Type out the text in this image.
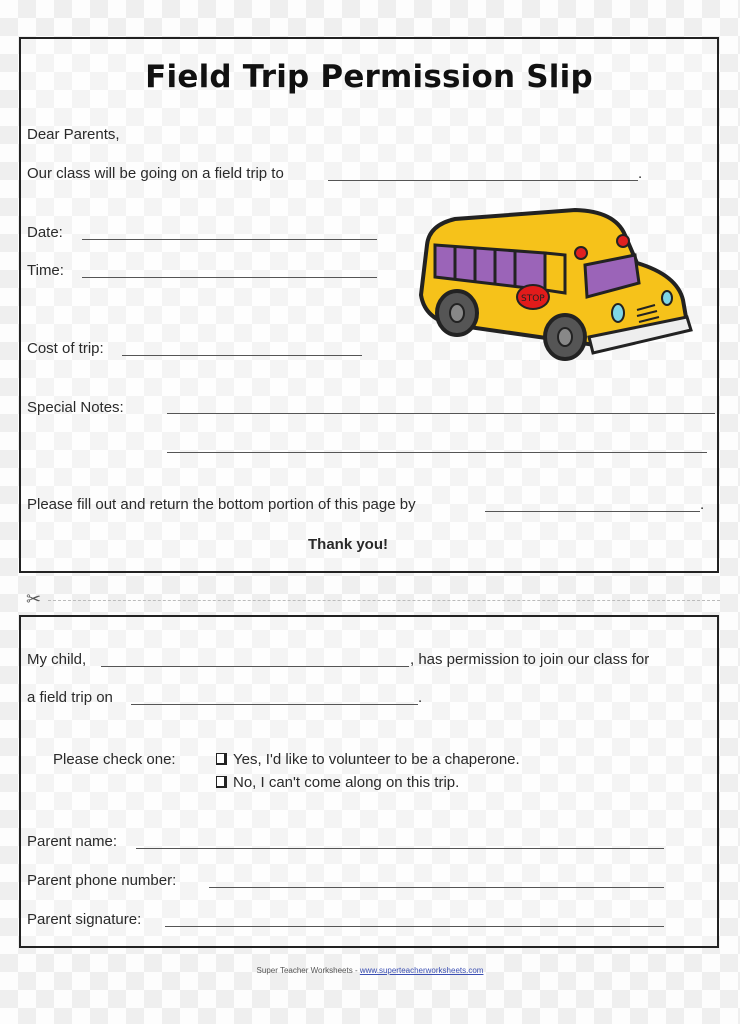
Field Trip Permission Slip
Dear Parents,
Our class will be going on a field trip to	.
Date:
Time:
Cost of trip:
Special Notes:
Please fill out and return the bottom portion of this page by	.
Thank you!
STOP
✂
My child,	, has permission to join our class for
a field trip on	.
Please check one:	Yes, I'd like to volunteer to be a chaperone.
No, I can't come along on this trip.
Parent name:
Parent phone number:
Parent signature:
Super Teacher Worksheets - www.superteacherworksheets.com
